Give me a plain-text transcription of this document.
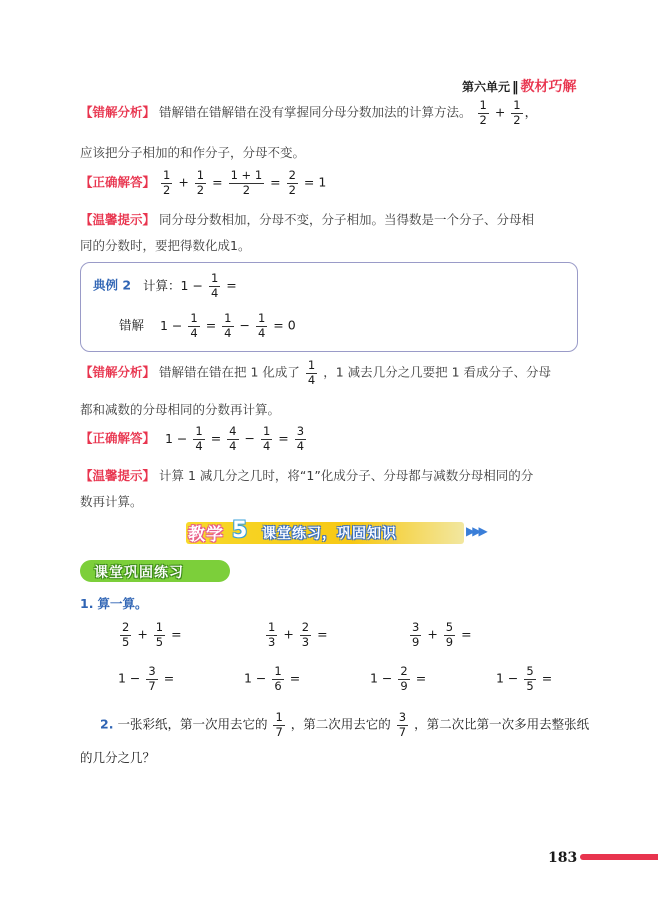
第六单元 ‖ 教材巧解
【错解分析】 错解错在错解错在没有掌握同分母分数加法的计算方法。 $\frac{1}{2} + \frac{1}{2}$ ，
应该把分子相加的和作分子，分母不变。
【正确解答】 $\frac{1}{2} + \frac{1}{2} = \frac{1 + 1}{2} = \frac{2}{2} = 1$
【温馨提示】 同分母分数相加，分母不变，分子相加。当得数是一个分子、分母相
同的分数时，要把得数化成1。
典例 2 计算：$1 - \frac{1}{4}$ =
错解 $1 - \frac{1}{4} = \frac{1}{4} - \frac{1}{4} = 0$
【错解分析】 错解错在错在把 1 化成了 $\frac{1}{4}$ ，1 减去几分之几要把 1 看成分子、分母
都和减数的分母相同的分数再计算。
【正确解答】 $1 - \frac{1}{4} = \frac{4}{4} - \frac{1}{4} = \frac{3}{4}$
【温馨提示】 计算 1 减几分之几时，将“1”化成分子、分母都与减数分母相同的分
数再计算。
教学 5 课堂练习，巩固知识	▶▶▶
课堂巩固练习
1. 算一算。
$\frac{2}{5} + \frac{1}{5}$ =	$\frac{1}{3} + \frac{2}{3}$ =	$\frac{3}{9} + \frac{5}{9}$ =
$1 - \frac{3}{7}$ =	$1 - \frac{1}{6}$ =	$1 - \frac{2}{9}$ =	$1 - \frac{5}{5}$ =
2. 一张彩纸，第一次用去它的 $\frac{1}{7}$ ，第二次用去它的 $\frac{3}{7}$ ，第二次比第一次多用去整张纸
的几分之几？
183
